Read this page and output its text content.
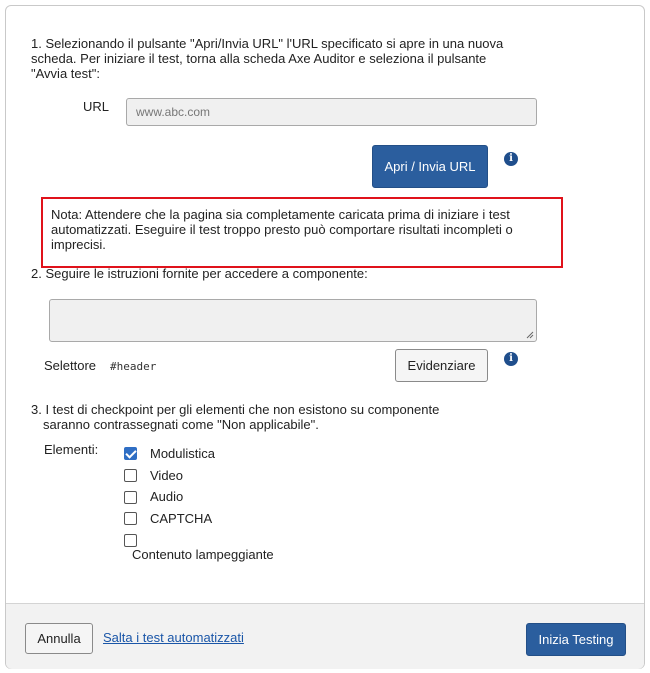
1. Selezionando il pulsante "Apri/Invia URL" l'URL specificato si apre in una nuova
scheda. Per iniziare il test, torna alla scheda Axe Auditor e seleziona il pulsante
"Avvia test":
URL	www.abc.com
Apri / Invia URL
i
Nota: Attendere che la pagina sia completamente caricata prima di iniziare i test
automatizzati. Eseguire il test troppo presto può comportare risultati incompleti o
imprecisi.
2. Seguire le istruzioni fornite per accedere a componente:
Selettore #header	Evidenziare	i
3. I test di checkpoint per gli elementi che non esistono su componente
saranno contrassegnati come "Non applicabile".
Elementi:	Modulistica
Video
Audio
CAPTCHA
Contenuto lampeggiante
Annulla	Salta i test automatizzati	Inizia Testing
